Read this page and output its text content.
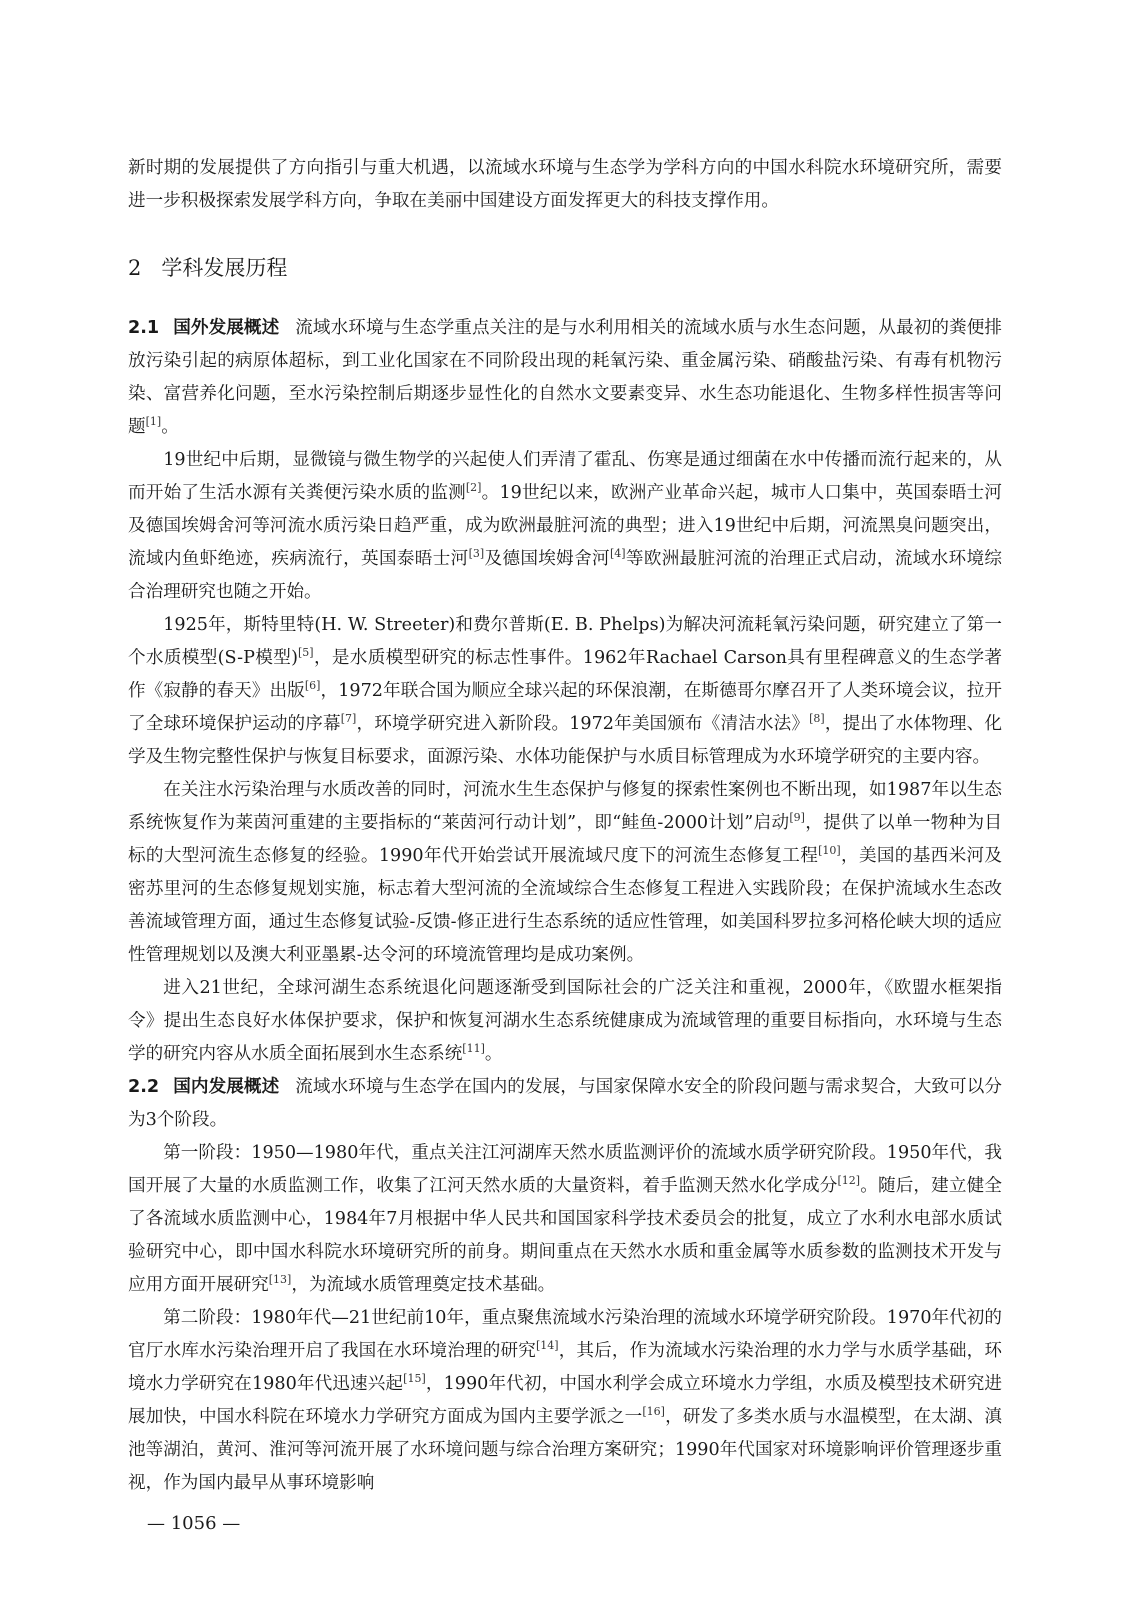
新时期的发展提供了方向指引与重大机遇，以流域水环境与生态学为学科方向的中国水科院水环境研究所，需要进一步积极探索发展学科方向，争取在美丽中国建设方面发挥更大的科技支撑作用。

2 学科发展历程

2.1 国外发展概述 流域水环境与生态学重点关注的是与水利用相关的流域水质与水生态问题，从最初的粪便排放污染引起的病原体超标，到工业化国家在不同阶段出现的耗氧污染、重金属污染、硝酸盐污染、有毒有机物污染、富营养化问题，至水污染控制后期逐步显性化的自然水文要素变异、水生态功能退化、生物多样性损害等问题[1]。

19世纪中后期，显微镜与微生物学的兴起使人们弄清了霍乱、伤寒是通过细菌在水中传播而流行起来的，从而开始了生活水源有关粪便污染水质的监测[2]。19世纪以来，欧洲产业革命兴起，城市人口集中，英国泰晤士河及德国埃姆舍河等河流水质污染日趋严重，成为欧洲最脏河流的典型；进入19世纪中后期，河流黑臭问题突出，流域内鱼虾绝迹，疾病流行，英国泰晤士河[3]及德国埃姆舍河[4]等欧洲最脏河流的治理正式启动，流域水环境综合治理研究也随之开始。

1925年，斯特里特(H. W. Streeter)和费尔普斯(E. B. Phelps)为解决河流耗氧污染问题，研究建立了第一个水质模型(S-P模型)[5]，是水质模型研究的标志性事件。1962年Rachael Carson具有里程碑意义的生态学著作《寂静的春天》出版[6]，1972年联合国为顺应全球兴起的环保浪潮，在斯德哥尔摩召开了人类环境会议，拉开了全球环境保护运动的序幕[7]，环境学研究进入新阶段。1972年美国颁布《清洁水法》[8]，提出了水体物理、化学及生物完整性保护与恢复目标要求，面源污染、水体功能保护与水质目标管理成为水环境学研究的主要内容。

在关注水污染治理与水质改善的同时，河流水生生态保护与修复的探索性案例也不断出现，如1987年以生态系统恢复作为莱茵河重建的主要指标的“莱茵河行动计划”，即“鲑鱼-2000计划”启动[9]，提供了以单一物种为目标的大型河流生态修复的经验。1990年代开始尝试开展流域尺度下的河流生态修复工程[10]，美国的基西米河及密苏里河的生态修复规划实施，标志着大型河流的全流域综合生态修复工程进入实践阶段；在保护流域水生态改善流域管理方面，通过生态修复试验-反馈-修正进行生态系统的适应性管理，如美国科罗拉多河格伦峡大坝的适应性管理规划以及澳大利亚墨累-达令河的环境流管理均是成功案例。

进入21世纪，全球河湖生态系统退化问题逐渐受到国际社会的广泛关注和重视，2000年，《欧盟水框架指令》提出生态良好水体保护要求，保护和恢复河湖水生态系统健康成为流域管理的重要目标指向，水环境与生态学的研究内容从水质全面拓展到水生态系统[11]。

2.2 国内发展概述 流域水环境与生态学在国内的发展，与国家保障水安全的阶段问题与需求契合，大致可以分为3个阶段。

第一阶段：1950—1980年代，重点关注江河湖库天然水质监测评价的流域水质学研究阶段。1950年代，我国开展了大量的水质监测工作，收集了江河天然水质的大量资料，着手监测天然水化学成分[12]。随后，建立健全了各流域水质监测中心，1984年7月根据中华人民共和国国家科学技术委员会的批复，成立了水利水电部水质试验研究中心，即中国水科院水环境研究所的前身。期间重点在天然水水质和重金属等水质参数的监测技术开发与应用方面开展研究[13]，为流域水质管理奠定技术基础。

第二阶段：1980年代—21世纪前10年，重点聚焦流域水污染治理的流域水环境学研究阶段。1970年代初的官厅水库水污染治理开启了我国在水环境治理的研究[14]，其后，作为流域水污染治理的水力学与水质学基础，环境水力学研究在1980年代迅速兴起[15]，1990年代初，中国水利学会成立环境水力学组，水质及模型技术研究进展加快，中国水科院在环境水力学研究方面成为国内主要学派之一[16]，研发了多类水质与水温模型，在太湖、滇池等湖泊，黄河、淮河等河流开展了水环境问题与综合治理方案研究；1990年代国家对环境影响评价管理逐步重视，作为国内最早从事环境影响

— 1056 —
